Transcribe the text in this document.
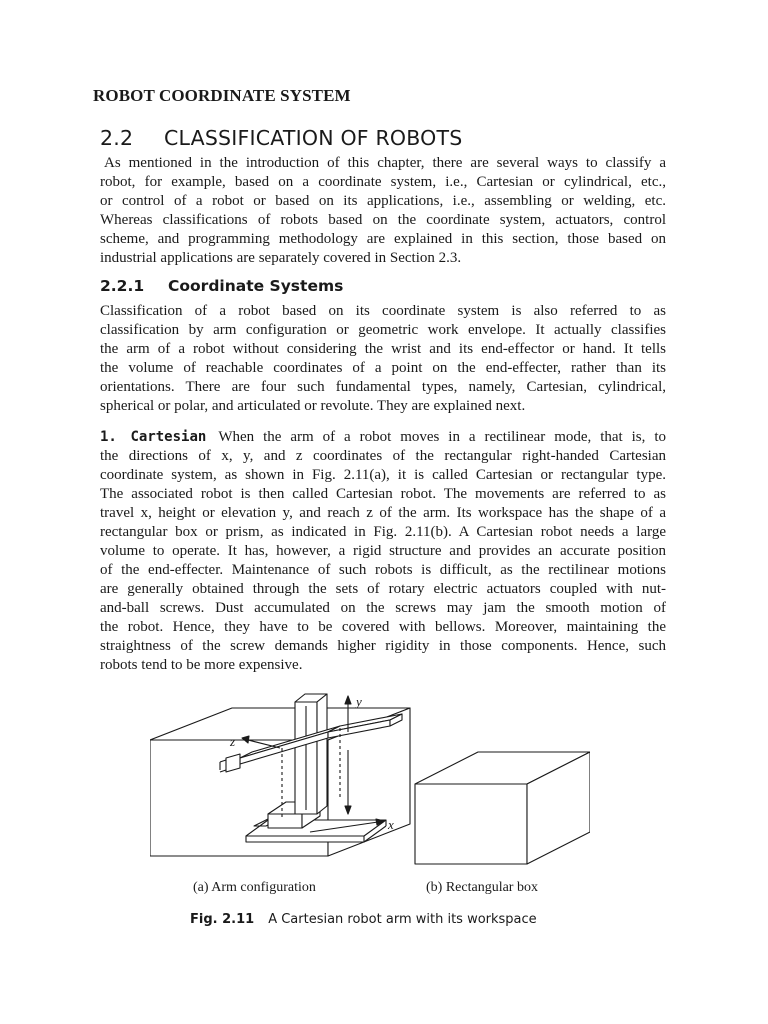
ROBOT COORDINATE SYSTEM
2.2 CLASSIFICATION OF ROBOTS
As mentioned in the introduction of this chapter, there are several ways to classify a
robot, for example, based on a coordinate system, i.e., Cartesian or cylindrical, etc.,
or control of a robot or based on its applications, i.e., assembling or welding, etc.
Whereas classifications of robots based on the coordinate system, actuators, control
scheme, and programming methodology are explained in this section, those based on
industrial applications are separately covered in Section 2.3.
2.2.1 Coordinate Systems
Classification of a robot based on its coordinate system is also referred to as
classification by arm configuration or geometric work envelope. It actually classifies
the arm of a robot without considering the wrist and its end-effector or hand. It tells
the volume of reachable coordinates of a point on the end-effecter, rather than its
orientations. There are four such fundamental types, namely, Cartesian, cylindrical,
spherical or polar, and articulated or revolute. They are explained next.
1. Cartesian When the arm of a robot moves in a rectilinear mode, that is, to
the directions of x, y, and z coordinates of the rectangular right-handed Cartesian
coordinate system, as shown in Fig. 2.11(a), it is called Cartesian or rectangular type.
The associated robot is then called Cartesian robot. The movements are referred to as
travel x, height or elevation y, and reach z of the arm. Its workspace has the shape of a
rectangular box or prism, as indicated in Fig. 2.11(b). A Cartesian robot needs a large
volume to operate. It has, however, a rigid structure and provides an accurate position
of the end-effecter. Maintenance of such robots is difficult, as the rectilinear motions
are generally obtained through the sets of rotary electric actuators coupled with nut-
and-ball screws. Dust accumulated on the screws may jam the smooth motion of
the robot. Hence, they have to be covered with bellows. Moreover, maintaining the
straightness of the screw demands higher rigidity in those components. Hence, such
robots tend to be more expensive.
y
x
z
(a) Arm configuration	(b) Rectangular box
Fig. 2.11 A Cartesian robot arm with its workspace
